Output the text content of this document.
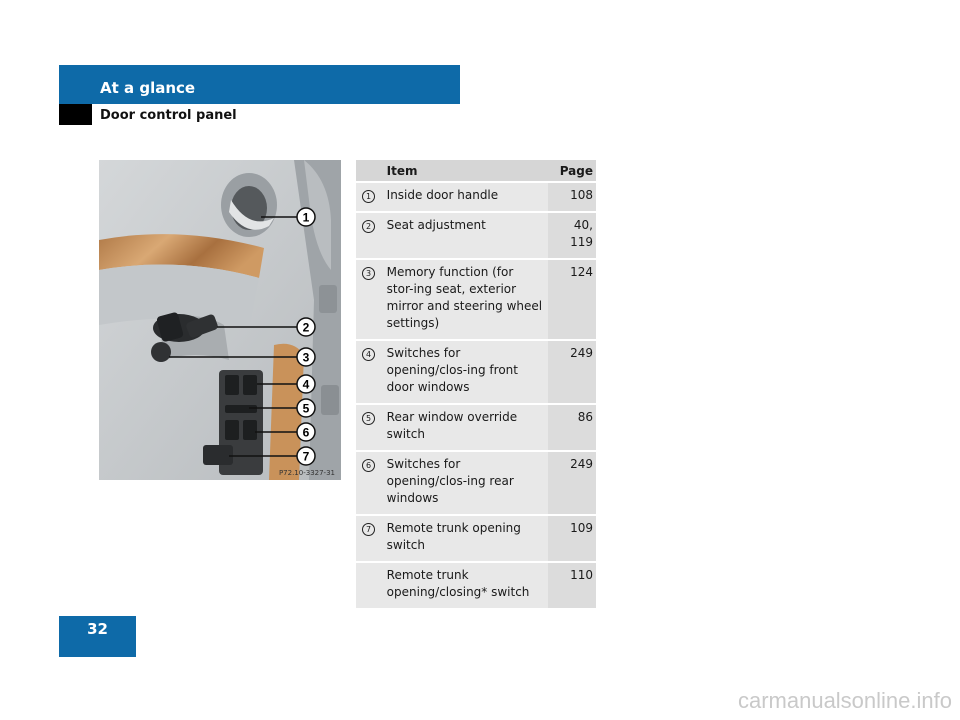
At a glance
Door control panel
1
2
3
4
5
6
7
P72.10-3327-31
	Item	Page
1	Inside door handle	108
2	Seat adjustment	40, 119
3	Memory function (for stor-ing seat, exterior mirror and steering wheel settings)	124
4	Switches for opening/clos-ing front door windows	249
5	Rear window override switch	86
6	Switches for opening/clos-ing rear windows	249
7	Remote trunk opening switch	109
	Remote trunk opening/closing* switch	110
32
carmanualsonline.info
